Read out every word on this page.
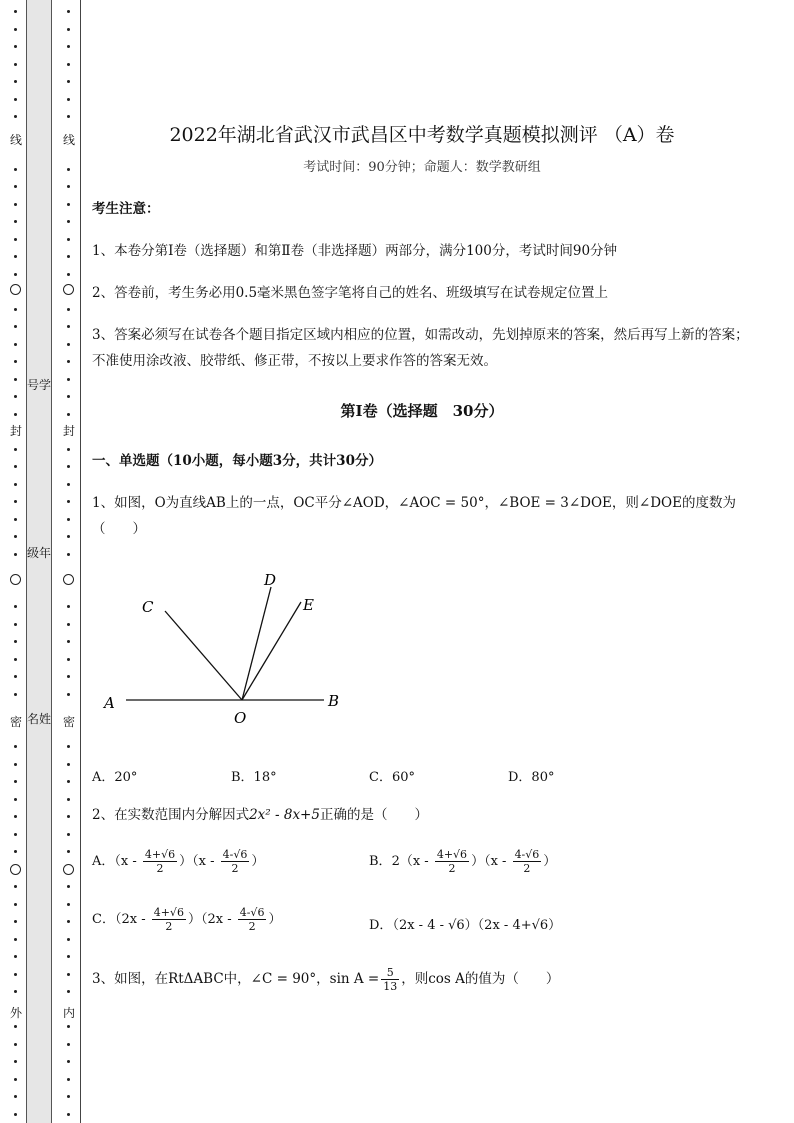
线
封
密
外
号学
级年
名姓
线
封
密
内
2022年湖北省武汉市武昌区中考数学真题模拟测评 （A）卷
考试时间：90分钟；命题人：数学教研组
考生注意：
1、本卷分第I卷（选择题）和第Ⅱ卷（非选择题）两部分，满分100分，考试时间90分钟
2、答卷前，考生务必用0.5毫米黑色签字笔将自己的姓名、班级填写在试卷规定位置上
3、答案必须写在试卷各个题目指定区域内相应的位置，如需改动，先划掉原来的答案，然后再写上新的答案；不准使用涂改液、胶带纸、修正带，不按以上要求作答的答案无效。
第I卷（选择题　30分）
一、单选题（10小题，每小题3分，共计30分）
1、如图，O为直线AB上的一点，OC平分∠AOD，∠AOC = 50°，∠BOE = 3∠DOE，则∠DOE的度数为（　　）
A	B
C
D
E
O
A．20°	B．18°	C．60°	D．80°
2、在实数范围内分解因式2x² - 8x+5正确的是（　　）
A．$(x - \frac{4+√6}{2} )(x - \frac{4-√6}{2}$ ）	B．$2(x - \frac{4+√6}{2} )(x - \frac{4-√6}{2}$ ）
C．$(2x - \frac{4+√6}{2} )(2x - \frac{4-√6}{2}$ ）	D．（2x - 4 - √6）（2x - 4+√6）
3、如图，在RtΔABC中，∠C = 90°，$\sin A = \frac{5}{13}$ ，则cos A的值为（　　）
